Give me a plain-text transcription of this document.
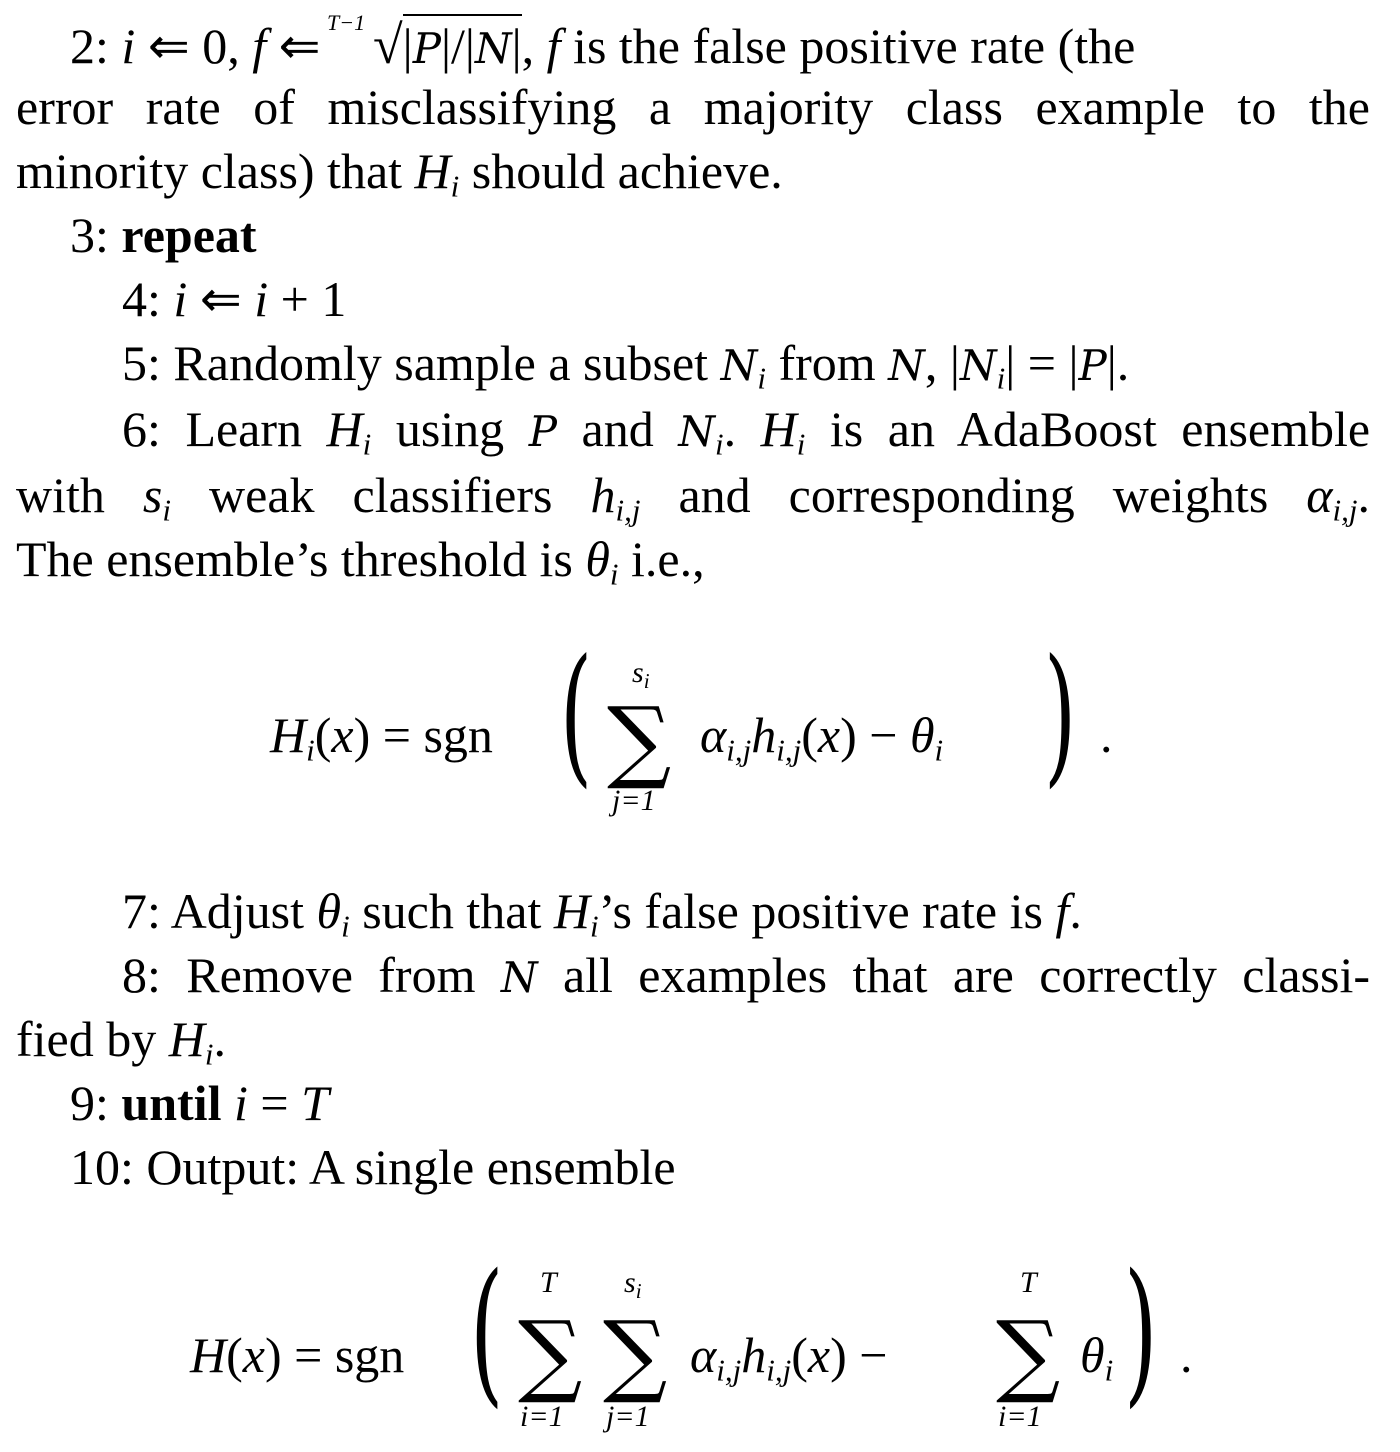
2: i ⇐ 0, f ⇐
T−1 √|P|/|N|, f is the false positive rate (the
error rate of misclassifying a majority class example to the
minority class) that $H_i$ should achieve.
3: repeat
4: i ⇐ i + 1
5: Randomly sample a subset $N_i$ from N, $|N_i| = |P|$.
6: Learn $H_i$ using P and $N_i$. $H_i$ is an AdaBoost ensemble
with $s_i$ weak classifiers $h_{i,j}$ and corresponding weights $\alpha_{i,j}$.
The ensemble’s threshold is $\theta_i$ i.e.,
$H_i(x)$ = sgn ( $s_i$
∑
j=1
$\alpha_{i,j}h_{i,j}(x) - \theta_i$ ) .
7: Adjust $\theta_i$ such that $H_i’s$ false positive rate is f.
8: Remove from N all examples that are correctly classi-
fied by $H_i$.
9: until i = T
10: Output: A single ensemble
H(x) = sgn ( T
∑
i=1
$s_i$
∑
j=1
$\alpha_{i,j}h_{i,j}(x)$ −
T
∑
i=1
$\theta_i$ ) .
